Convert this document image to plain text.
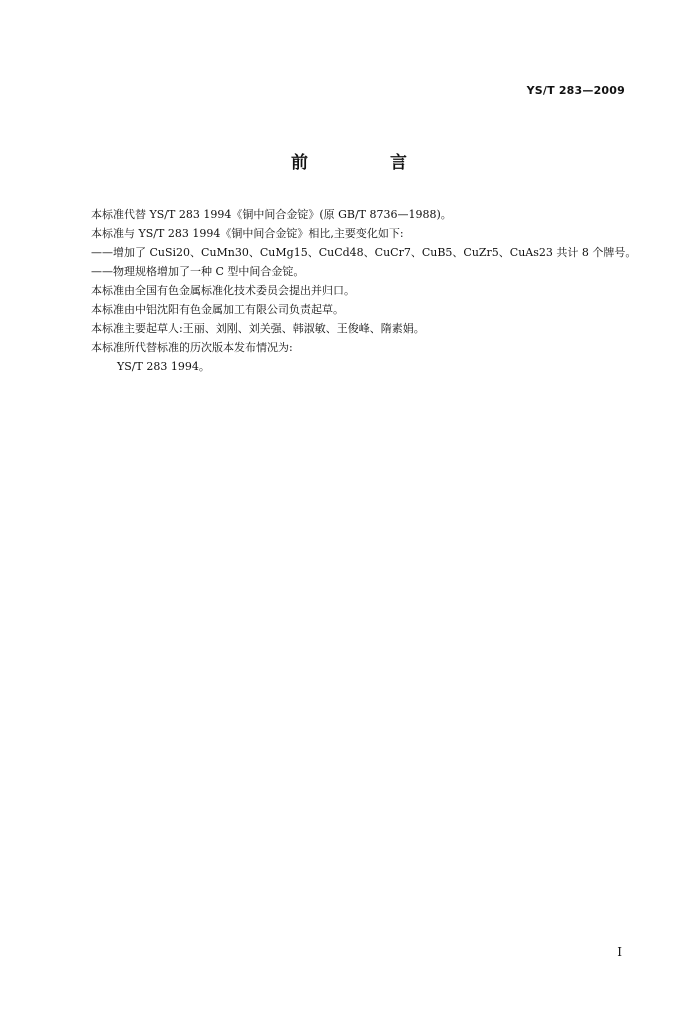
YS/T 283—2009
前 言

本标准代替 YS/T 283 1994《铜中间合金锭》(原 GB/T 8736—1988)。

本标准与 YS/T 283 1994《铜中间合金锭》相比,主要变化如下:

——增加了 CuSi20、CuMn30、CuMg15、CuCd48、CuCr7、CuB5、CuZr5、CuAs23 共计 8 个牌号。

——物理规格增加了一种 C 型中间合金锭。

本标准由全国有色金属标准化技术委员会提出并归口。

本标准由中铝沈阳有色金属加工有限公司负责起草。

本标准主要起草人:王丽、刘刚、刘关强、韩淑敏、王俊峰、隋素娟。

本标准所代替标准的历次版本发布情况为:

YS/T 283 1994。

I
